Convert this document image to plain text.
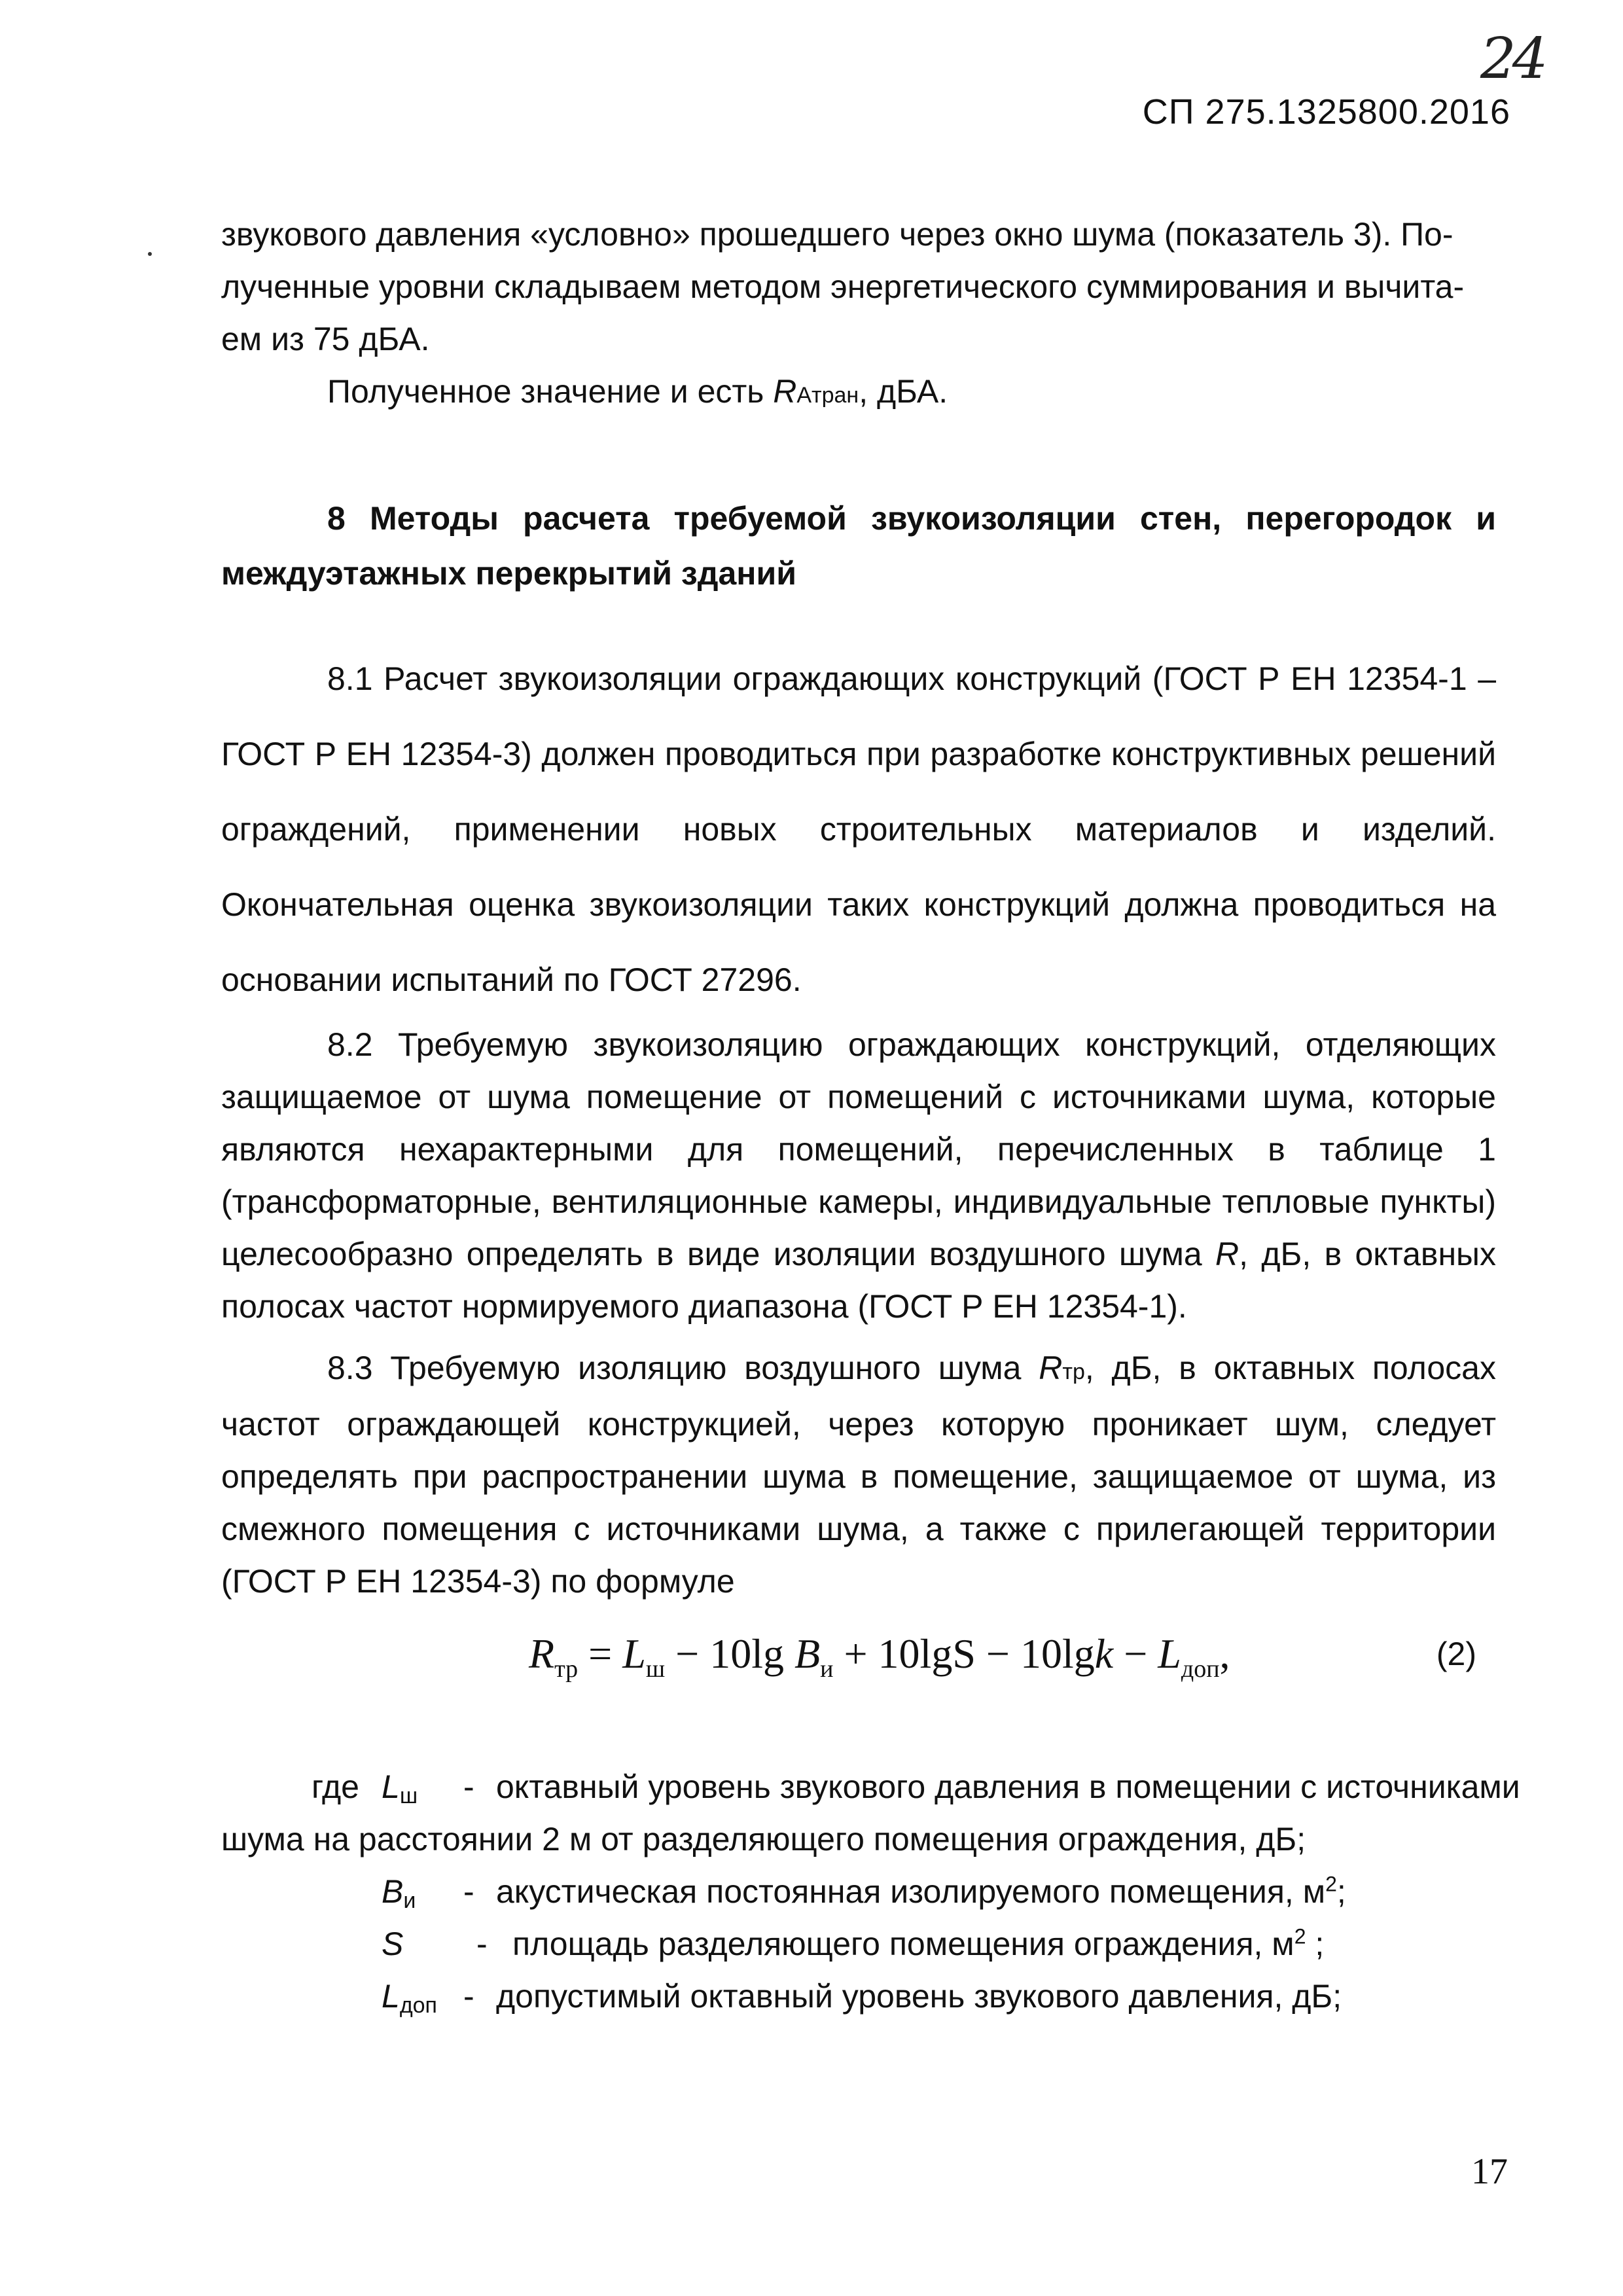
24
СП 275.1325800.2016
звукового давления «условно» прошедшего через окно шума (показатель 3). По-
лученные уровни складываем методом энергетического суммирования и вычита-
ем из 75 дБА.
Полученное значение и есть RAтран, дБА.

8 Методы расчета требуемой звукоизоляции стен, перегородок и междуэтажных перекрытий зданий

8.1 Расчет звукоизоляции ограждающих конструкций (ГОСТ Р ЕН 12354-1 – ГОСТ Р ЕН 12354-3) должен проводиться при разработке конструктивных решений ограждений, применении новых строительных материалов и изделий. Окончательная оценка звукоизоляции таких конструкций должна проводиться на основании испытаний по ГОСТ 27296.

8.2 Требуемую звукоизоляцию ограждающих конструкций, отделяющих защищаемое от шума помещение от помещений с источниками шума, которые являются нехарактерными для помещений, перечисленных в таблице 1 (трансформаторные, вентиляционные камеры, индивидуальные тепловые пункты) целесообразно определять в виде изоляции воздушного шума R, дБ, в октавных полосах частот нормируемого диапазона (ГОСТ Р ЕН 12354-1).

8.3 Требуемую изоляцию воздушного шума Rтр, дБ, в октавных полосах частот ограждающей конструкцией, через которую проникает шум, следует определять при распространении шума в помещение, защищаемое от шума, из смежного помещения с источниками шума, а также с прилегающей территории (ГОСТ Р ЕН 12354-3) по формуле

$R_{тр} = L_ш - 10\lg$ $B_и + 10\lg S - 10\lg k - L_{доп}$,	(2)
где $L_ш$ - октавный уровень звукового давления в помещении с источниками
шума на расстоянии 2 м от разделяющего помещения ограждения, дБ;
$B_и$ - акустическая постоянная изолируемого помещения, $м^2$;
S - площадь разделяющего помещения ограждения, $м^2$ ;
$L_{доп}$ - допустимый октавный уровень звукового давления, дБ;
17
